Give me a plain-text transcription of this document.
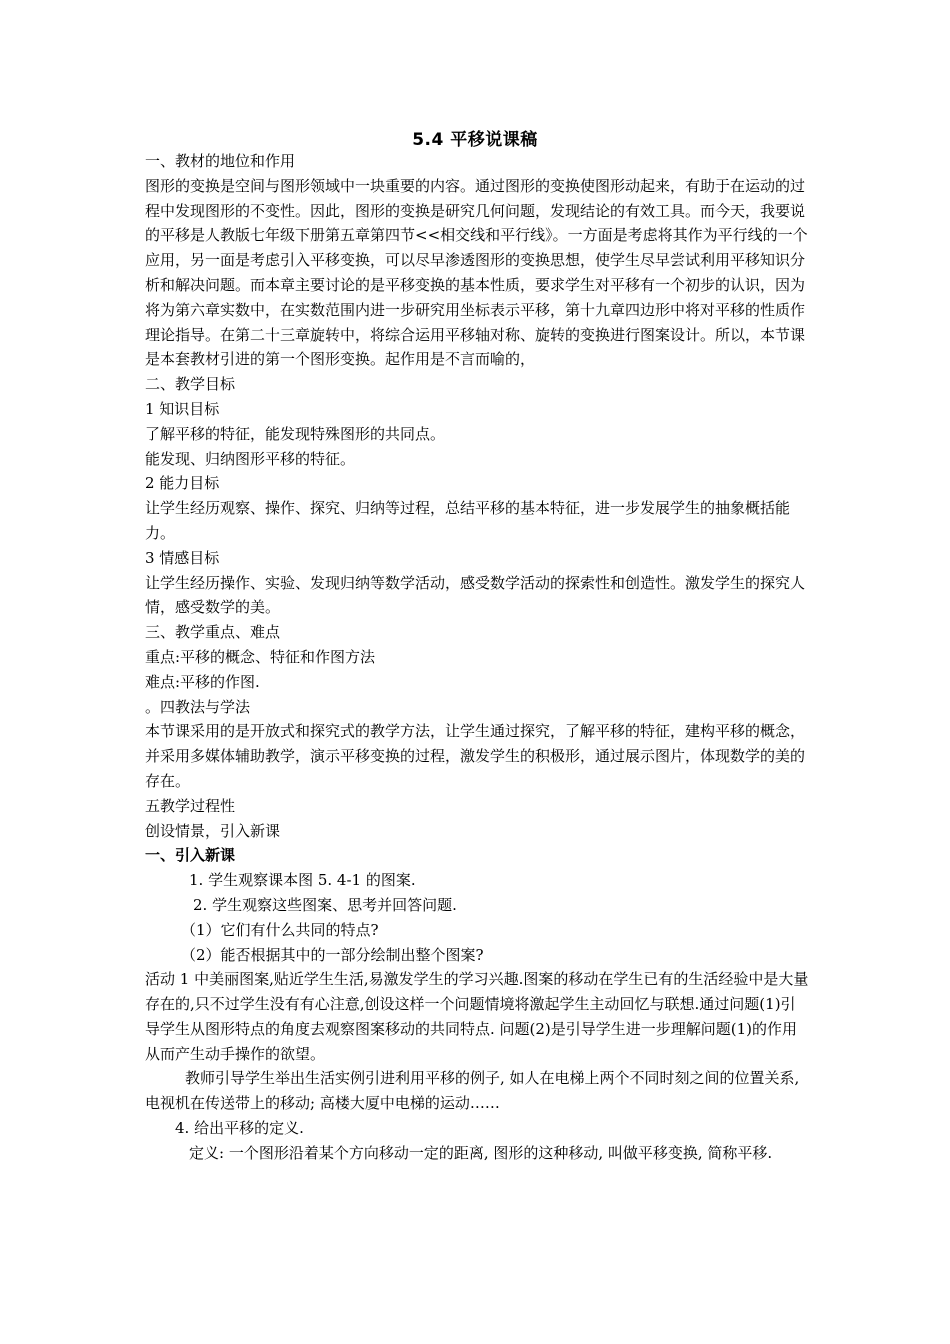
5.4 平移说课稿

一、教材的地位和作用

图形的变换是空间与图形领域中一块重要的内容。通过图形的变换使图形动起来，有助于在运动的过程中发现图形的不变性。因此，图形的变换是研究几何问题，发现结论的有效工具。而今天，我要说的平移是人教版七年级下册第五章第四节<<相交线和平行线》。一方面是考虑将其作为平行线的一个应用，另一面是考虑引入平移变换，可以尽早渗透图形的变换思想，使学生尽早尝试利用平移知识分析和解决问题。而本章主要讨论的是平移变换的基本性质，要求学生对平移有一个初步的认识，因为将为第六章实数中，在实数范围内进一步研究用坐标表示平移，第十九章四边形中将对平移的性质作理论指导。在第二十三章旋转中，将综合运用平移轴对称、旋转的变换进行图案设计。所以，本节课是本套教材引进的第一个图形变换。起作用是不言而喻的，

二、教学目标

1 知识目标

了解平移的特征，能发现特殊图形的共同点。

能发现、归纳图形平移的特征。

2 能力目标

让学生经历观察、操作、探究、归纳等过程，总结平移的基本特征，进一步发展学生的抽象概括能力。

3 情感目标

让学生经历操作、实验、发现归纳等数学活动，感受数学活动的探索性和创造性。激发学生的探究人情，感受数学的美。

三、教学重点、难点

重点:平移的概念、特征和作图方法

难点:平移的作图.

。四教法与学法

本节课采用的是开放式和探究式的教学方法，让学生通过探究，了解平移的特征，建构平移的概念，并采用多媒体辅助教学，演示平移变换的过程，激发学生的积极形，通过展示图片，体现数学的美的存在。

五教学过程性

创设情景，引入新课

一、引入新课

1. 学生观察课本图 5. 4-1 的图案.

2. 学生观察这些图案、思考并回答问题.

（1）它们有什么共同的特点?

（2）能否根据其中的一部分绘制出整个图案?

活动 1 中美丽图案,贴近学生生活,易激发学生的学习兴趣.图案的移动在学生已有的生活经验中是大量存在的,只不过学生没有有心注意,创设这样一个问题情境将激起学生主动回忆与联想.通过问题(1)引导学生从图形特点的角度去观察图案移动的共同特点. 问题(2)是引导学生进一步理解问题(1)的作用从而产生动手操作的欲望。

教师引导学生举出生活实例引进利用平移的例子, 如人在电梯上两个不同时刻之间的位置关系, 电视机在传送带上的移动; 高楼大厦中电梯的运动……

4. 给出平移的定义.

定义: 一个图形沿着某个方向移动一定的距离, 图形的这种移动, 叫做平移变换, 简称平移.
